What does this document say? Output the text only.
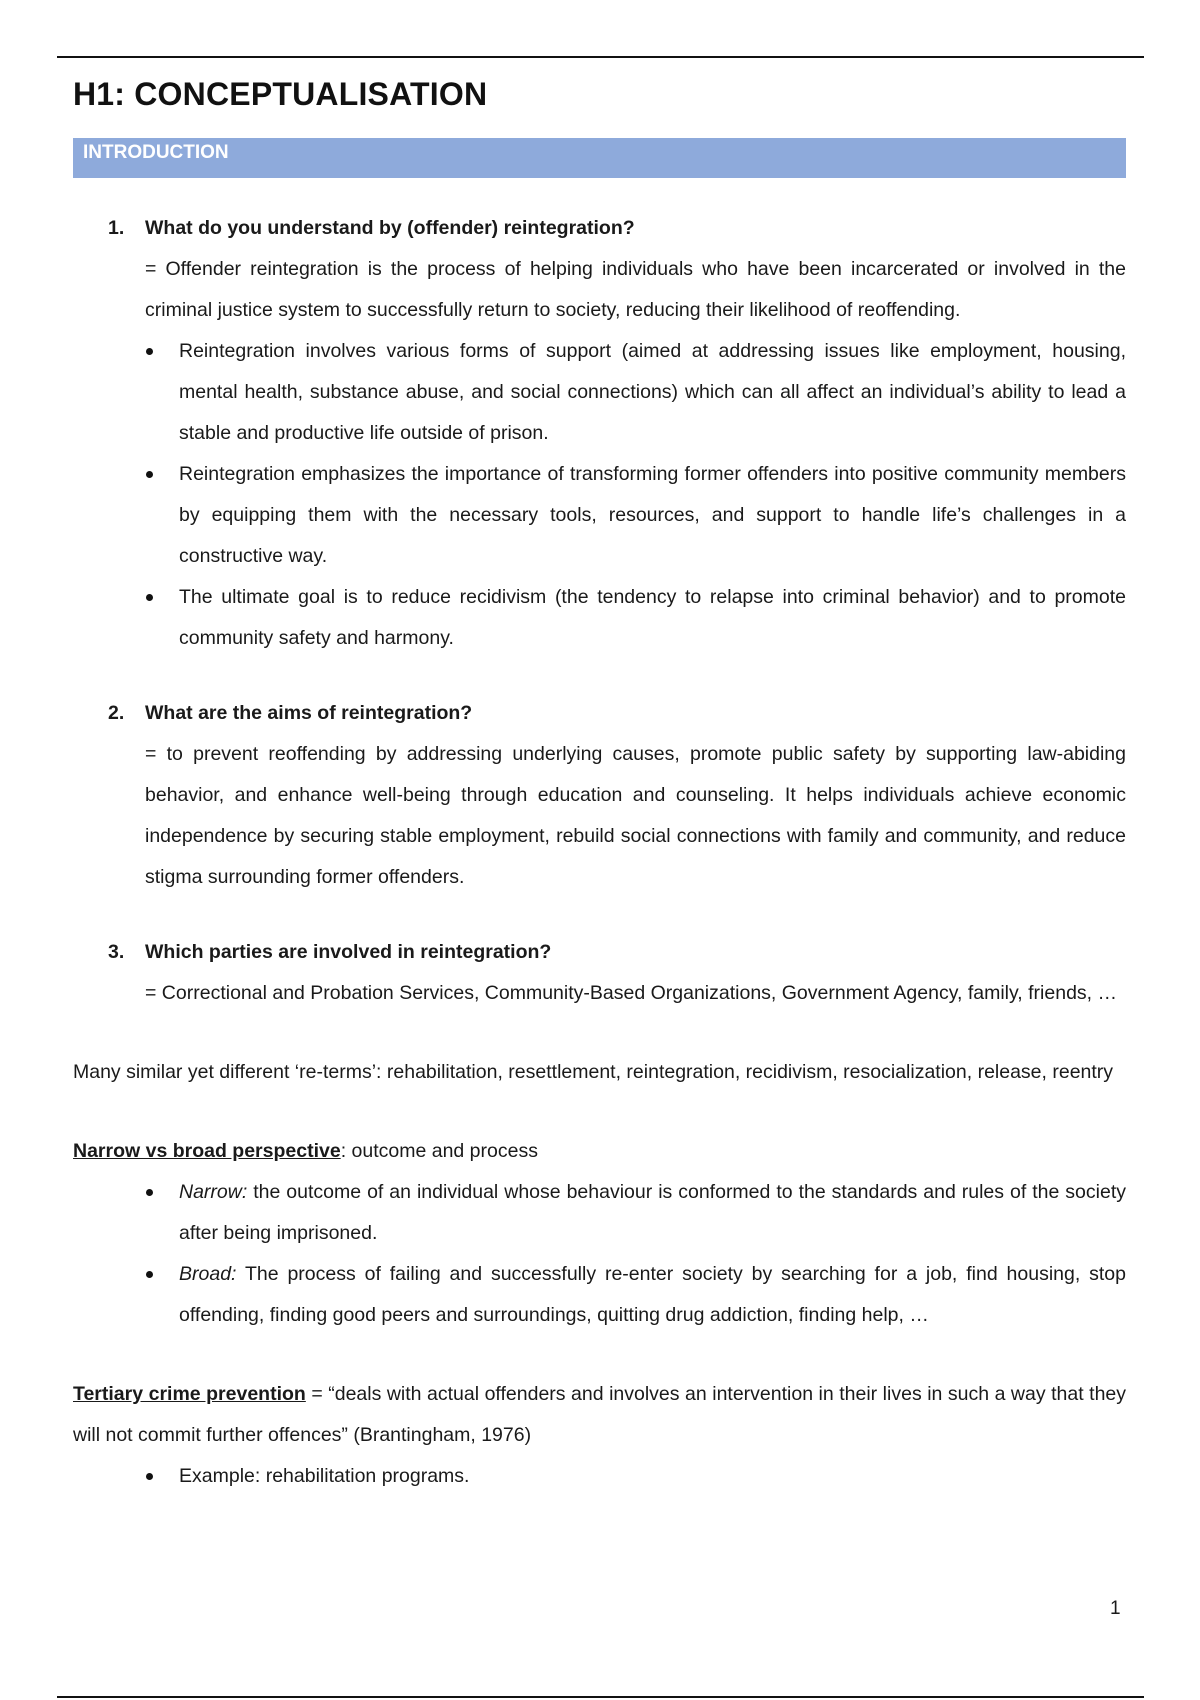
H1: CONCEPTUALISATION
INTRODUCTION
1. What do you understand by (offender) reintegration?

= Offender reintegration is the process of helping individuals who have been incarcerated or involved in the criminal justice system to successfully return to society, reducing their likelihood of reoffending.

Reintegration involves various forms of support (aimed at addressing issues like employment, housing, mental health, substance abuse, and social connections) which can all affect an individual’s ability to lead a stable and productive life outside of prison.
Reintegration emphasizes the importance of transforming former offenders into positive community members by equipping them with the necessary tools, resources, and support to handle life’s challenges in a constructive way.
The ultimate goal is to reduce recidivism (the tendency to relapse into criminal behavior) and to promote community safety and harmony.
2. What are the aims of reintegration?

= to prevent reoffending by addressing underlying causes, promote public safety by supporting law-abiding behavior, and enhance well-being through education and counseling. It helps individuals achieve economic independence by securing stable employment, rebuild social connections with family and community, and reduce stigma surrounding former offenders.

3. Which parties are involved in reintegration?

= Correctional and Probation Services, Community-Based Organizations, Government Agency, family, friends, …

Many similar yet different ‘re-terms’: rehabilitation, resettlement, reintegration, recidivism, resocialization, release, reentry

Narrow vs broad perspective: outcome and process

Narrow: the outcome of an individual whose behaviour is conformed to the standards and rules of the society after being imprisoned.
Broad: The process of failing and successfully re-enter society by searching for a job, find housing, stop offending, finding good peers and surroundings, quitting drug addiction, finding help, …

Tertiary crime prevention = “deals with actual offenders and involves an intervention in their lives in such a way that they will not commit further offences” (Brantingham, 1976)

Example: rehabilitation programs.
1
